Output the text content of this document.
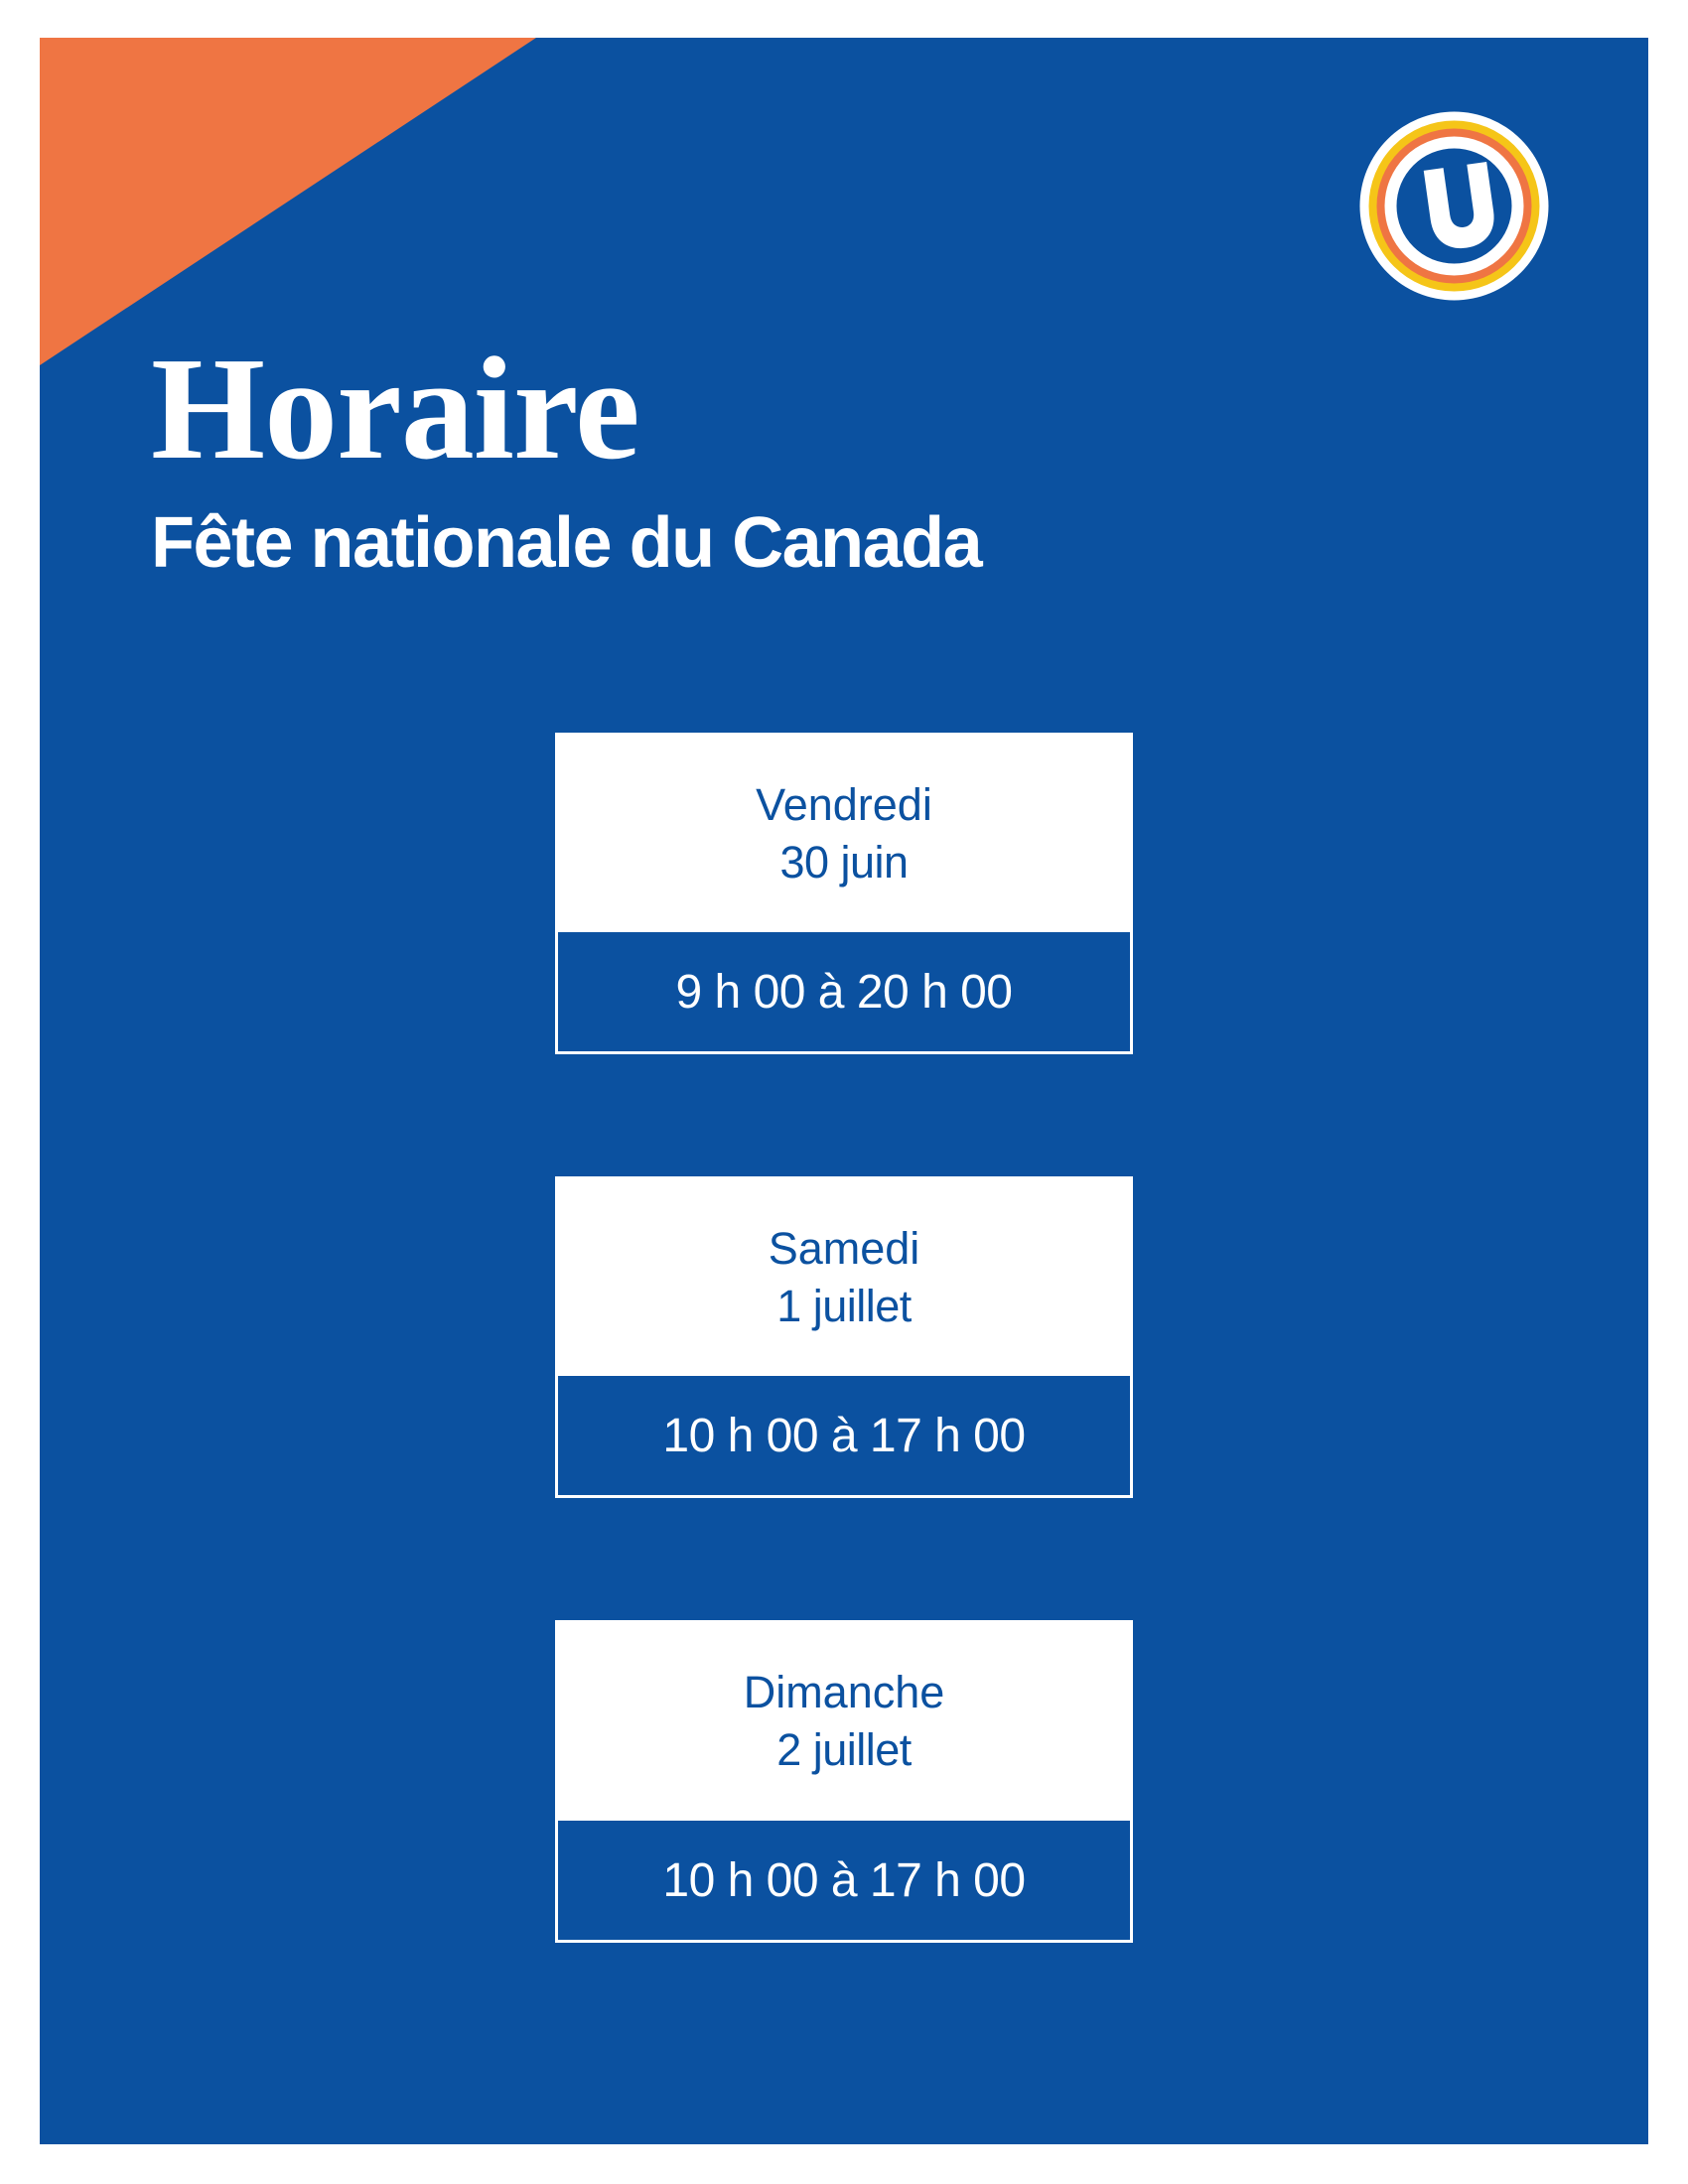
Horaire
Fête nationale du Canada
Vendredi
30 juin
9 h 00 à 20 h 00
Samedi
1 juillet
10 h 00 à 17 h 00
Dimanche
2 juillet
10 h 00 à 17 h 00
